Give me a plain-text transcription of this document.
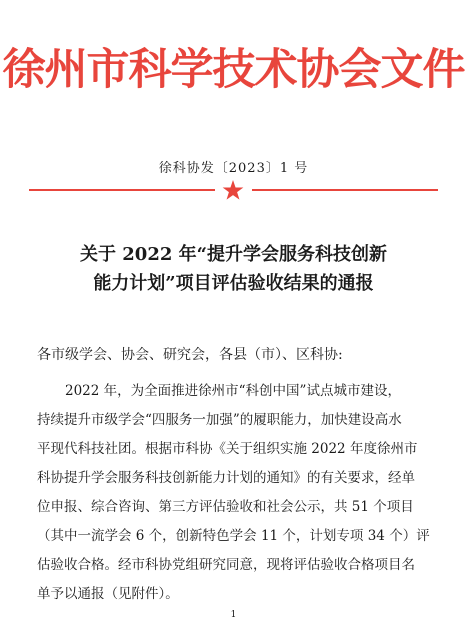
徐州市科学技术协会文件
徐科协发〔2023〕1 号
关于 2022 年“提升学会服务科技创新
能力计划”项目评估验收结果的通报
各市级学会、协会、研究会，各县（市）、区科协:
2022 年，为全面推进徐州市“科创中国”试点城市建设，
持续提升市级学会“四服务一加强”的履职能力，加快建设高水
平现代科技社团。根据市科协《关于组织实施 2022 年度徐州市
科协提升学会服务科技创新能力计划的通知》的有关要求，经单
位申报、综合咨询、第三方评估验收和社会公示，共 51 个项目
（其中一流学会 6 个，创新特色学会 11 个，计划专项 34 个）评
估验收合格。经市科协党组研究同意，现将评估验收合格项目名
单予以通报（见附件）。
1
